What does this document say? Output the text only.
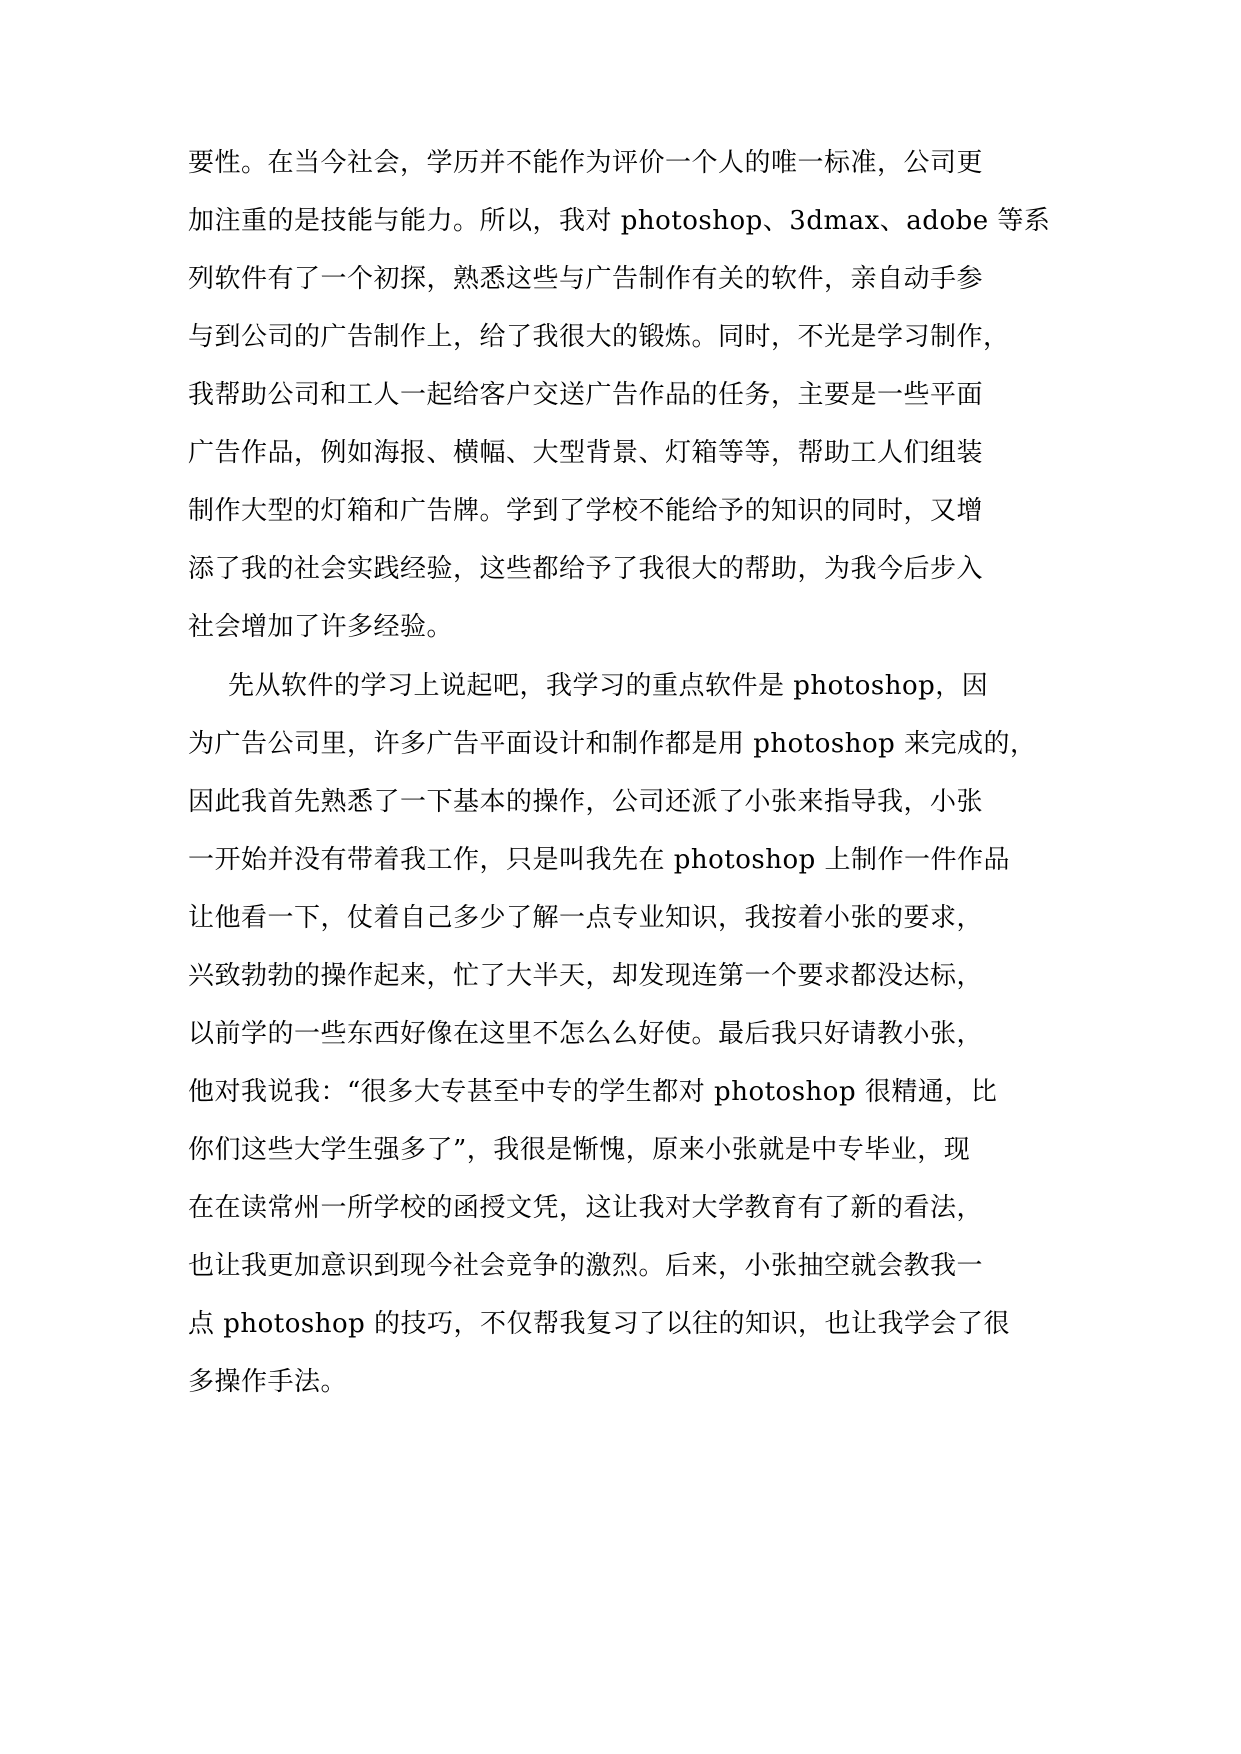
要性。在当今社会，学历并不能作为评价一个人的唯一标准，公司更
加注重的是技能与能力。所以，我对 photoshop、3dmax、adobe 等系
列软件有了一个初探，熟悉这些与广告制作有关的软件，亲自动手参
与到公司的广告制作上，给了我很大的锻炼。同时，不光是学习制作，
我帮助公司和工人一起给客户交送广告作品的任务，主要是一些平面
广告作品，例如海报、横幅、大型背景、灯箱等等，帮助工人们组装
制作大型的灯箱和广告牌。学到了学校不能给予的知识的同时，又增
添了我的社会实践经验，这些都给予了我很大的帮助，为我今后步入
社会增加了许多经验。
先从软件的学习上说起吧，我学习的重点软件是 photoshop，因
为广告公司里，许多广告平面设计和制作都是用 photoshop 来完成的，
因此我首先熟悉了一下基本的操作，公司还派了小张来指导我，小张
一开始并没有带着我工作，只是叫我先在 photoshop 上制作一件作品
让他看一下，仗着自己多少了解一点专业知识，我按着小张的要求，
兴致勃勃的操作起来，忙了大半天，却发现连第一个要求都没达标，
以前学的一些东西好像在这里不怎么么好使。最后我只好请教小张，
他对我说我：“很多大专甚至中专的学生都对 photoshop 很精通，比
你们这些大学生强多了”，我很是惭愧，原来小张就是中专毕业，现
在在读常州一所学校的函授文凭，这让我对大学教育有了新的看法，
也让我更加意识到现今社会竞争的激烈。后来，小张抽空就会教我一
点 photoshop 的技巧，不仅帮我复习了以往的知识，也让我学会了很
多操作手法。
